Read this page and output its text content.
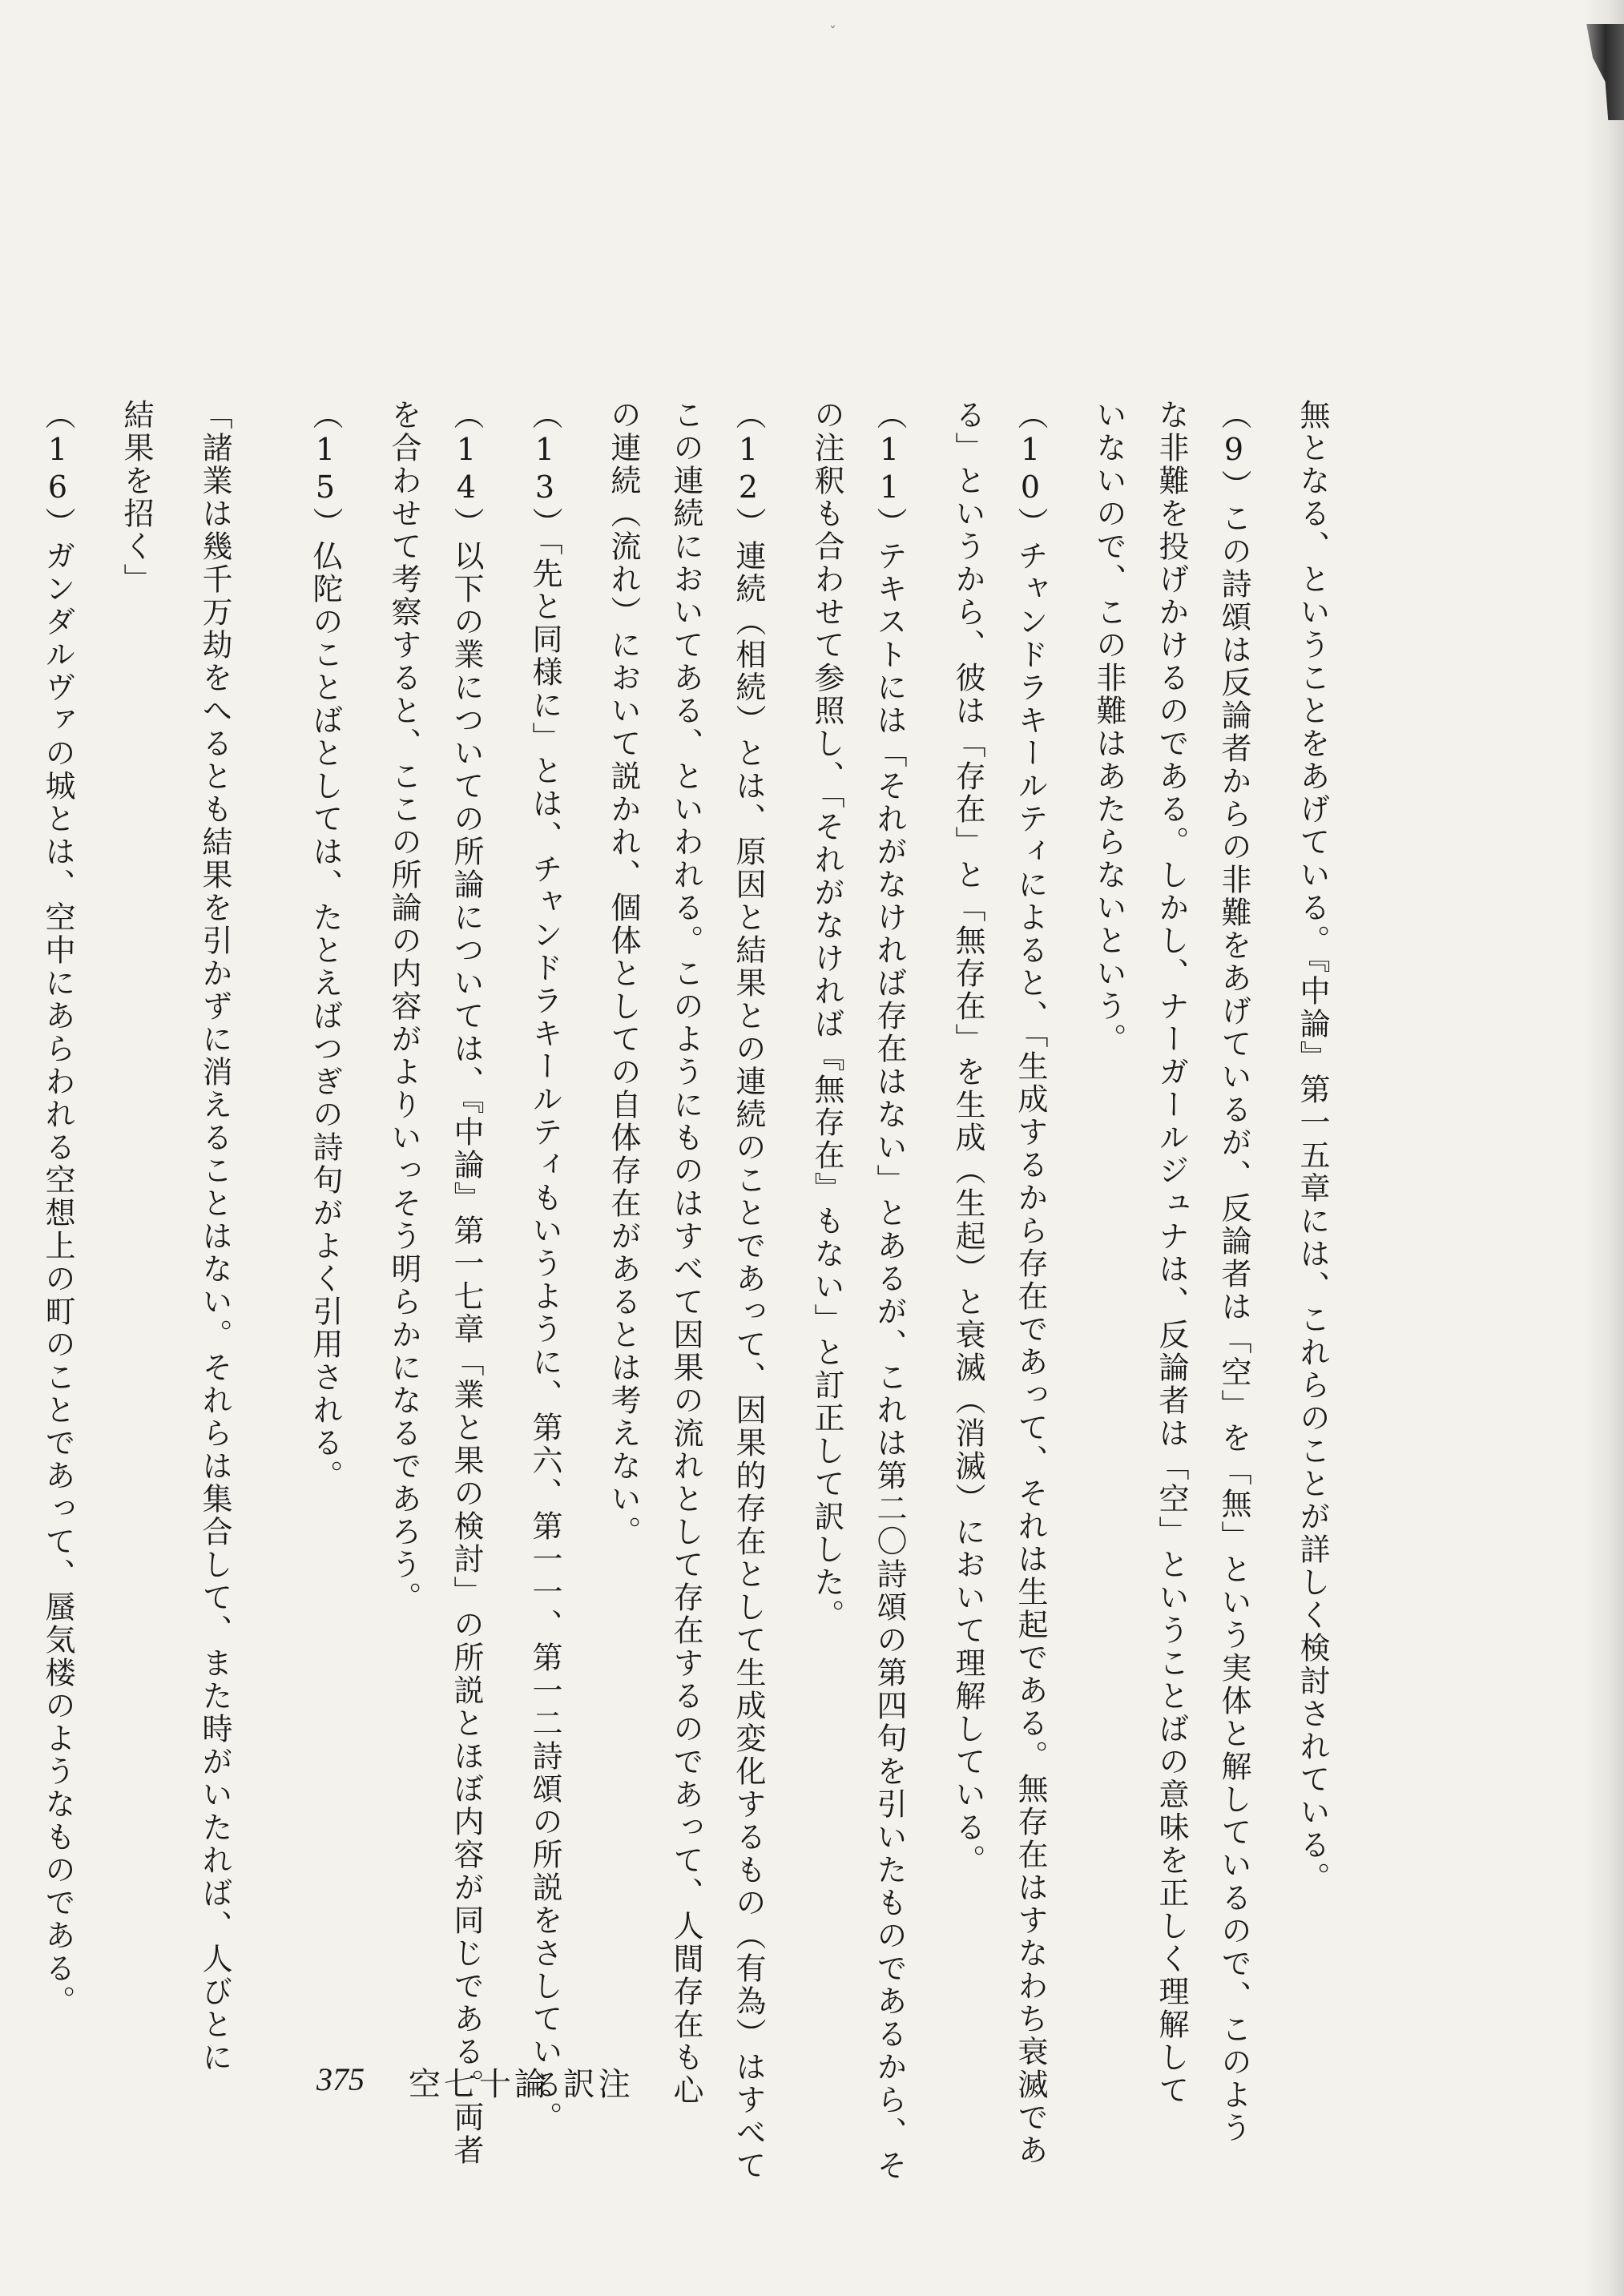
ˇ
無となる、ということをあげている。『中論』第一五章には、これらのことが詳しく検討されている。
（9）この詩頌は反論者からの非難をあげているが、反論者は「空」を「無」という実体と解しているので、このよう
な非難を投げかけるのである。しかし、ナーガールジュナは、反論者は「空」ということばの意味を正しく理解して
いないので、この非難はあたらないという。
（10）チャンドラキールティによると、「生成するから存在であって、それは生起である。無存在はすなわち衰滅であ
る」というから、彼は「存在」と「無存在」を生成（生起）と衰滅（消滅）において理解している。
（11）テキストには「それがなければ存在はない」とあるが、これは第二〇詩頌の第四句を引いたものであるから、そ
の注釈も合わせて参照し、「それがなければ『無存在』もない」と訂正して訳した。
（12）連続（相続）とは、原因と結果との連続のことであって、因果的存在として生成変化するもの（有為）はすべて
この連続においてある、といわれる。このようにものはすべて因果の流れとして存在するのであって、人間存在も心
の連続（流れ）において説かれ、個体としての自体存在があるとは考えない。
（13）「先と同様に」とは、チャンドラキールティもいうように、第六、第一一、第一二詩頌の所説をさしている。
（14）以下の業についての所論については、『中論』第一七章「業と果の検討」の所説とほぼ内容が同じである。両者
を合わせて考察すると、ここの所論の内容がよりいっそう明らかになるであろう。
（15）仏陀のことばとしては、たとえばつぎの詩句がよく引用される。
「諸業は幾千万劫をへるとも結果を引かずに消えることはない。それらは集合して、また時がいたれば、人びとに
結果を招く」
（16）ガンダルヴァの城とは、空中にあらわれる空想上の町のことであって、蜃気楼のようなものである。
375 空七十論 訳注
